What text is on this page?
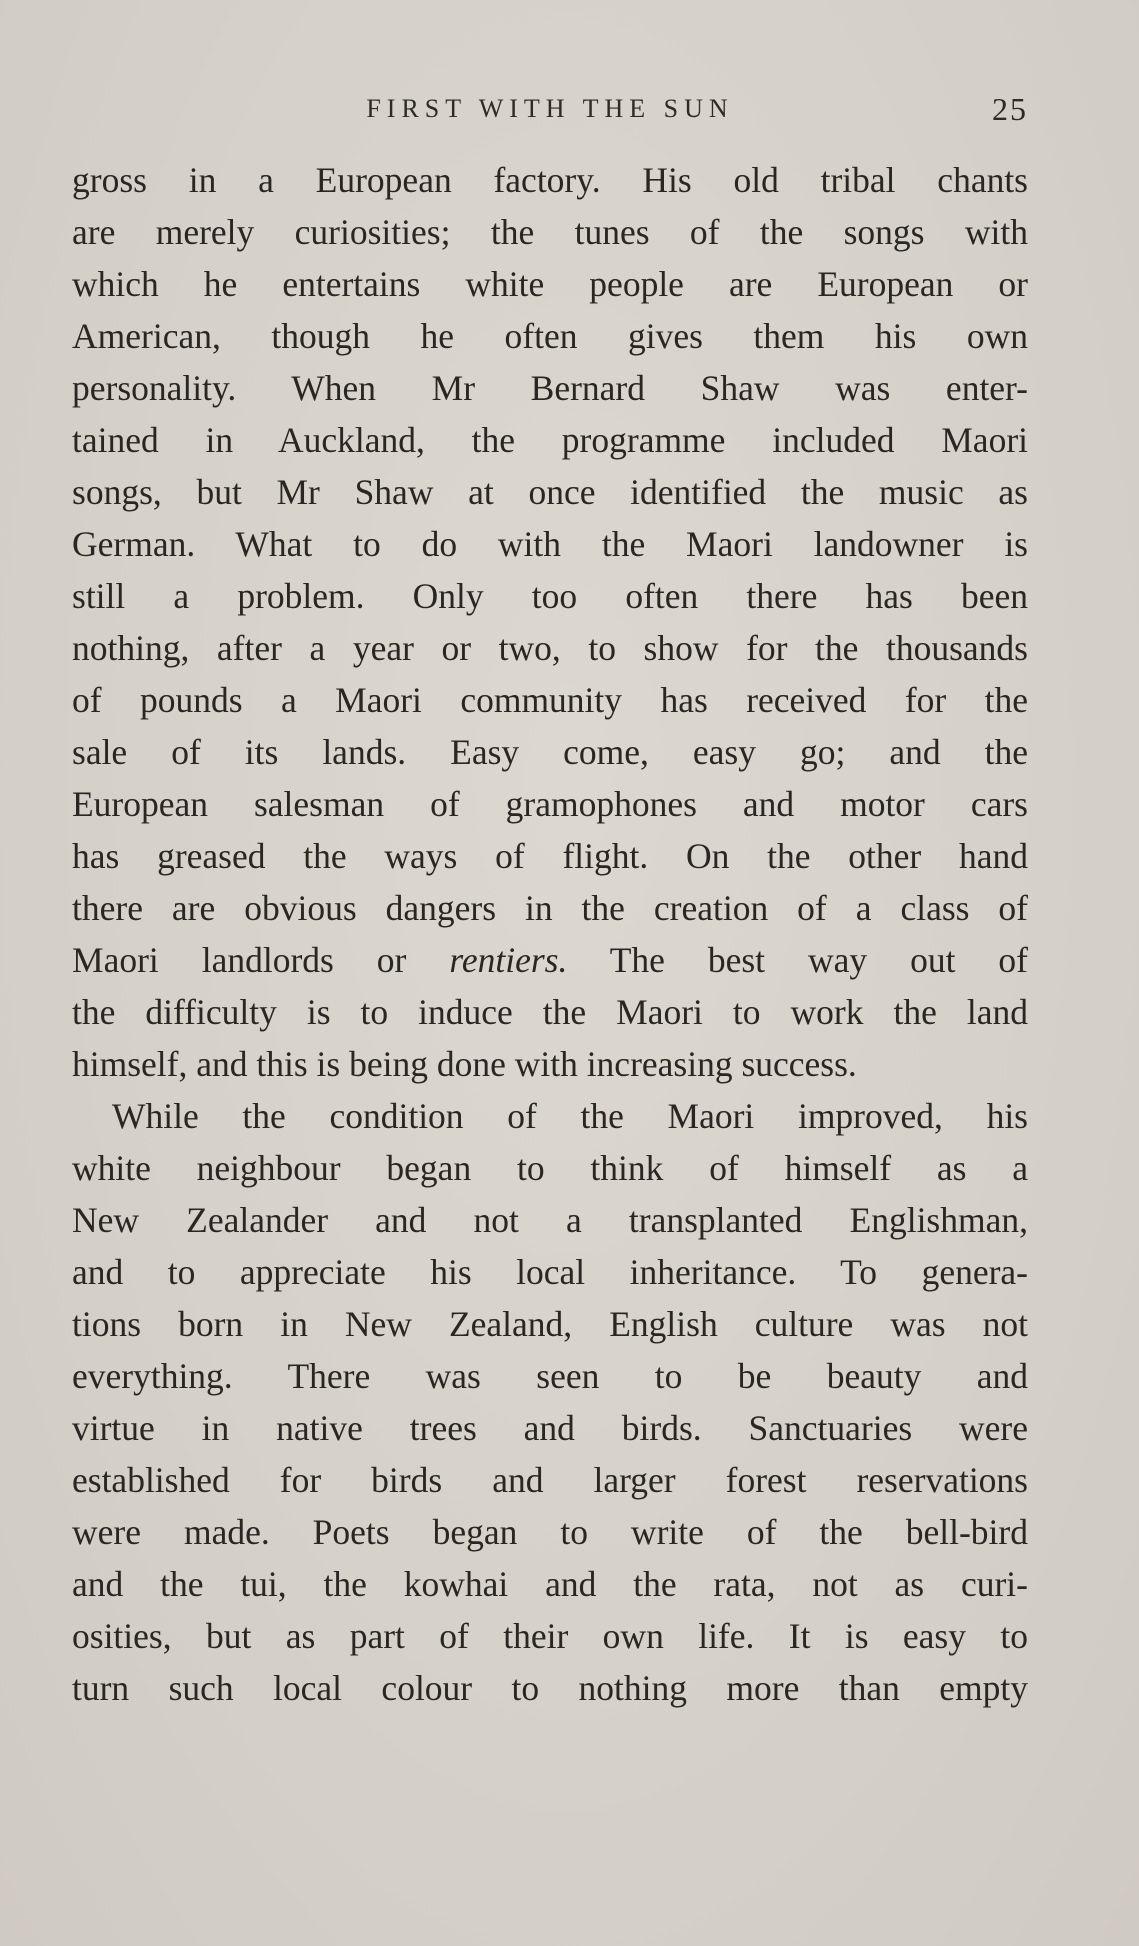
FIRST WITH THE SUN	25
gross in a European factory. His old tribal chants
are merely curiosities; the tunes of the songs with
which he entertains white people are European or
American, though he often gives them his own
personality. When Mr Bernard Shaw was enter-
tained in Auckland, the programme included Maori
songs, but Mr Shaw at once identified the music as
German. What to do with the Maori landowner is
still a problem. Only too often there has been
nothing, after a year or two, to show for the thousands
of pounds a Maori community has received for the
sale of its lands. Easy come, easy go; and the
European salesman of gramophones and motor cars
has greased the ways of flight. On the other hand
there are obvious dangers in the creation of a class of
Maori landlords or rentiers. The best way out of
the difficulty is to induce the Maori to work the land
himself, and this is being done with increasing success.
While the condition of the Maori improved, his
white neighbour began to think of himself as a
New Zealander and not a transplanted Englishman,
and to appreciate his local inheritance. To genera-
tions born in New Zealand, English culture was not
everything. There was seen to be beauty and
virtue in native trees and birds. Sanctuaries were
established for birds and larger forest reservations
were made. Poets began to write of the bell-bird
and the tui, the kowhai and the rata, not as curi-
osities, but as part of their own life. It is easy to
turn such local colour to nothing more than empty
